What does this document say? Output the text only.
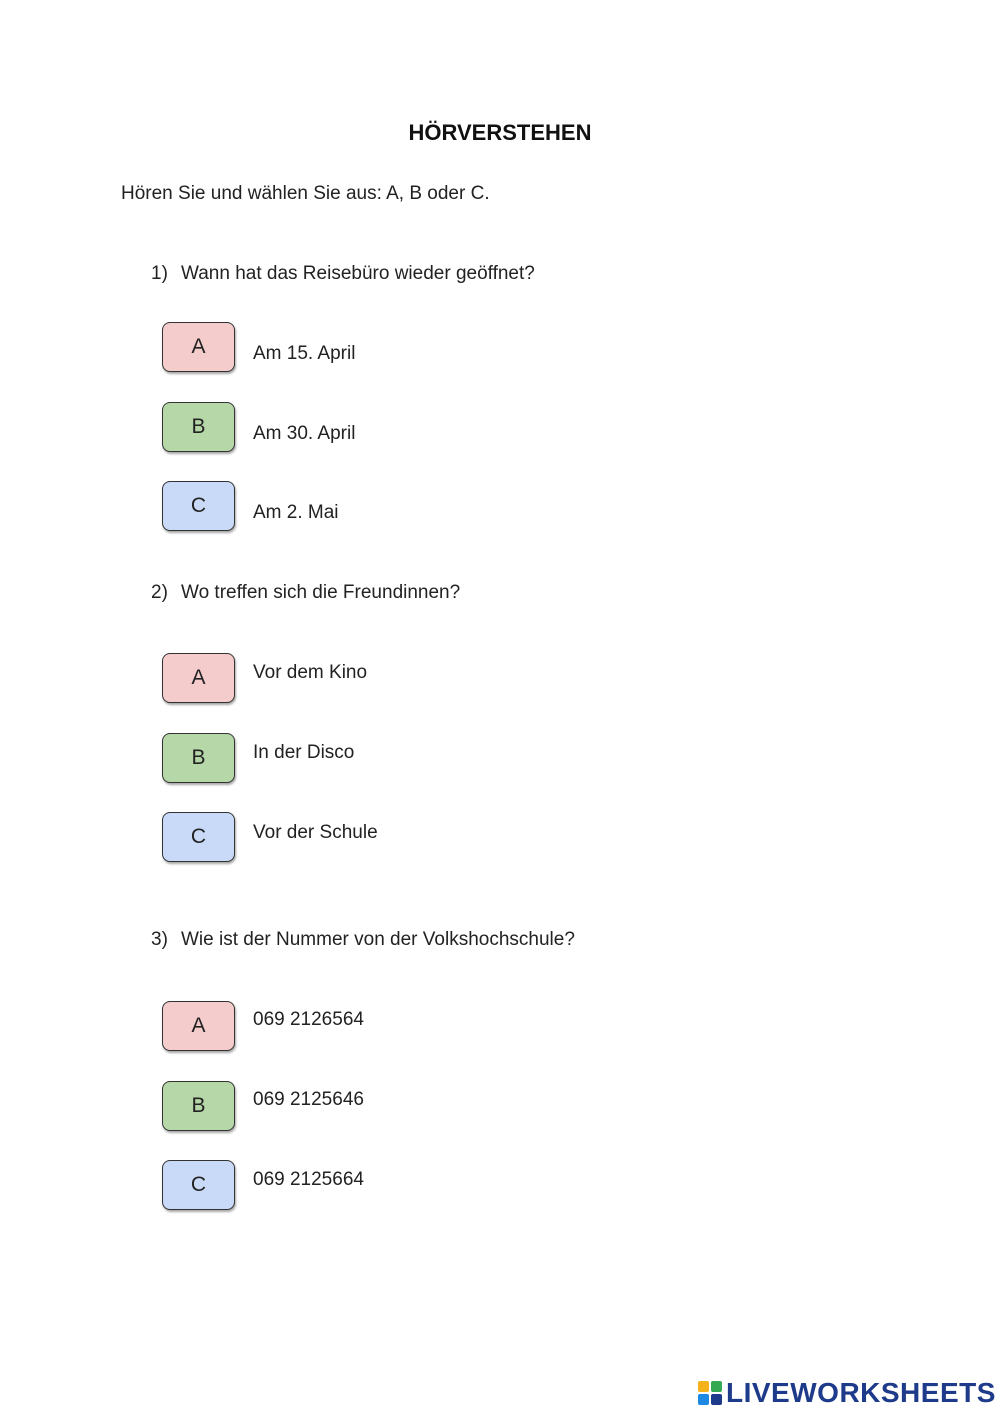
HÖRVERSTEHEN
Hören Sie und wählen Sie aus: A, B oder C.
1) Wann hat das Reisebüro wieder geöffnet?
A	Am 15. April
B	Am 30. April
C	Am 2. Mai
2) Wo treffen sich die Freundinnen?
A	Vor dem Kino
B	In der Disco
C	Vor der Schule
3) Wie ist der Nummer von der Volkshochschule?
A	069 2126564
B	069 2125646
C	069 2125664
LIVEWORKSHEETS
